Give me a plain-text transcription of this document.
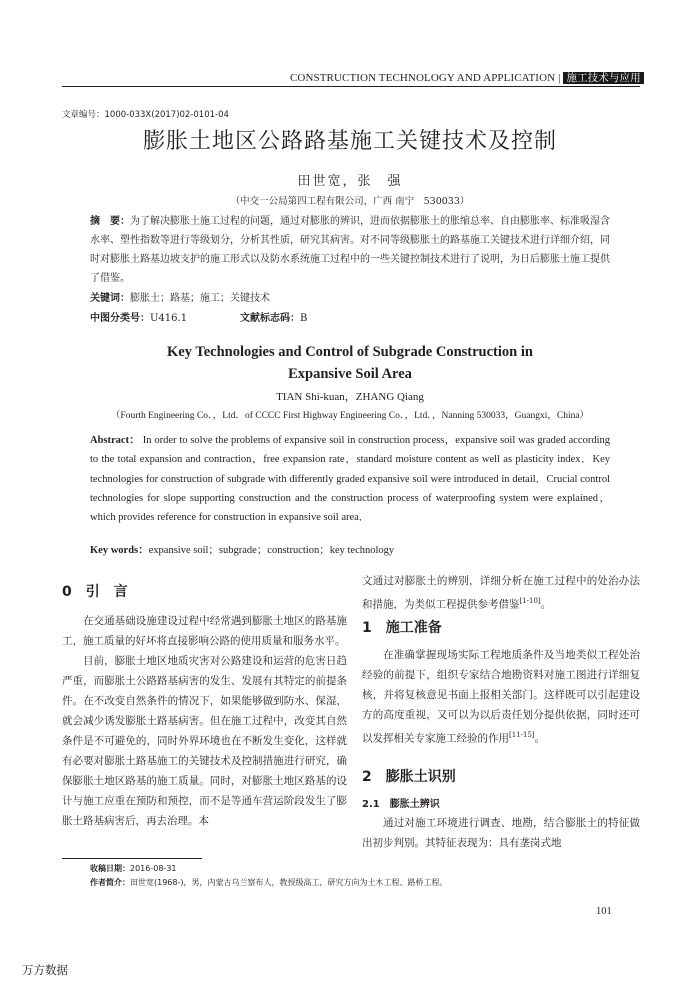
CONSTRUCTION TECHNOLOGY AND APPLICATION | 施工技术与应用
文章编号：1000-033X(2017)02-0101-04
膨胀土地区公路路基施工关键技术及控制
田世宽，张　强
（中交一公局第四工程有限公司，广西 南宁　530033）
摘　要：为了解决膨胀土施工过程的问题，通过对膨胀的辨识，进而依据膨胀土的胀缩总率、自由膨胀率、标准吸湿含水率、塑性指数等进行等级划分，分析其性质，研究其病害。对不同等级膨胀土的路基施工关键技术进行详细介绍，同时对膨胀土路基边坡支护的施工形式以及防水系统施工过程中的一些关键控制技术进行了说明，为日后膨胀土施工提供了借鉴。
关键词：膨胀土；路基；施工；关键技术
中图分类号：U416.1	文献标志码：B
Key Technologies and Control of Subgrade Construction in
Expansive Soil Area
TIAN Shi-kuan，ZHANG Qiang
（Fourth Engineering Co．，Ltd．of CCCC First Highway Engineering Co．，Ltd．，Nanning 530033，Guangxi，China）
Abstract： In order to solve the problems of expansive soil in construction process，expansive soil was graded according to the total expansion and contraction，free expansion rate，standard moisture content as well as plasticity index．Key technologies for construction of subgrade with differently graded expansive soil were introduced in detail．Crucial control technologies for slope supporting construction and the construction process of waterproofing system were explained，which provides reference for construction in expansive soil area．
Key words：expansive soil；subgrade；construction；key technology
0　引　言

在交通基础设施建设过程中经常遇到膨胀土地区的路基施工，施工质量的好坏将直接影响公路的使用质量和服务水平。

目前，膨胀土地区地质灾害对公路建设和运营的危害日趋严重，而膨胀土公路路基病害的发生、发展有其特定的前提条件。在不改变自然条件的情况下，如果能够做到防水、保湿，就会减少诱发膨胀土路基病害。但在施工过程中，改变其自然条件是不可避免的，同时外界环境也在不断发生变化，这样就有必要对膨胀土路基施工的关键技术及控制措施进行研究，确保膨胀土地区路基的施工质量。同时，对膨胀土地区路基的设计与施工应重在预防和预控，而不是等通车营运阶段发生了膨胀土路基病害后，再去治理。本

文通过对膨胀土的辨别，详细分析在施工过程中的处治办法和措施，为类似工程提供参考借鉴[1-10]。

1　施工准备

在准确掌握现场实际工程地质条件及当地类似工程处治经验的前提下，组织专家结合地勘资料对施工图进行详细复核，并将复核意见书面上报相关部门。这样既可以引起建设方的高度重视，又可以为以后责任划分提供依据，同时还可以发挥相关专家施工经验的作用[11-15]。

2　膨胀土识别
2.1　膨胀土辨识

通过对施工环境进行调查、地勘，结合膨胀土的特征做出初步判别。其特征表现为：具有垄岗式地

收稿日期：2016-08-31
作者简介：田世宽(1968-)，男，内蒙古乌兰察布人，教授级高工，研究方向为土木工程、路桥工程。
101
万方数据
